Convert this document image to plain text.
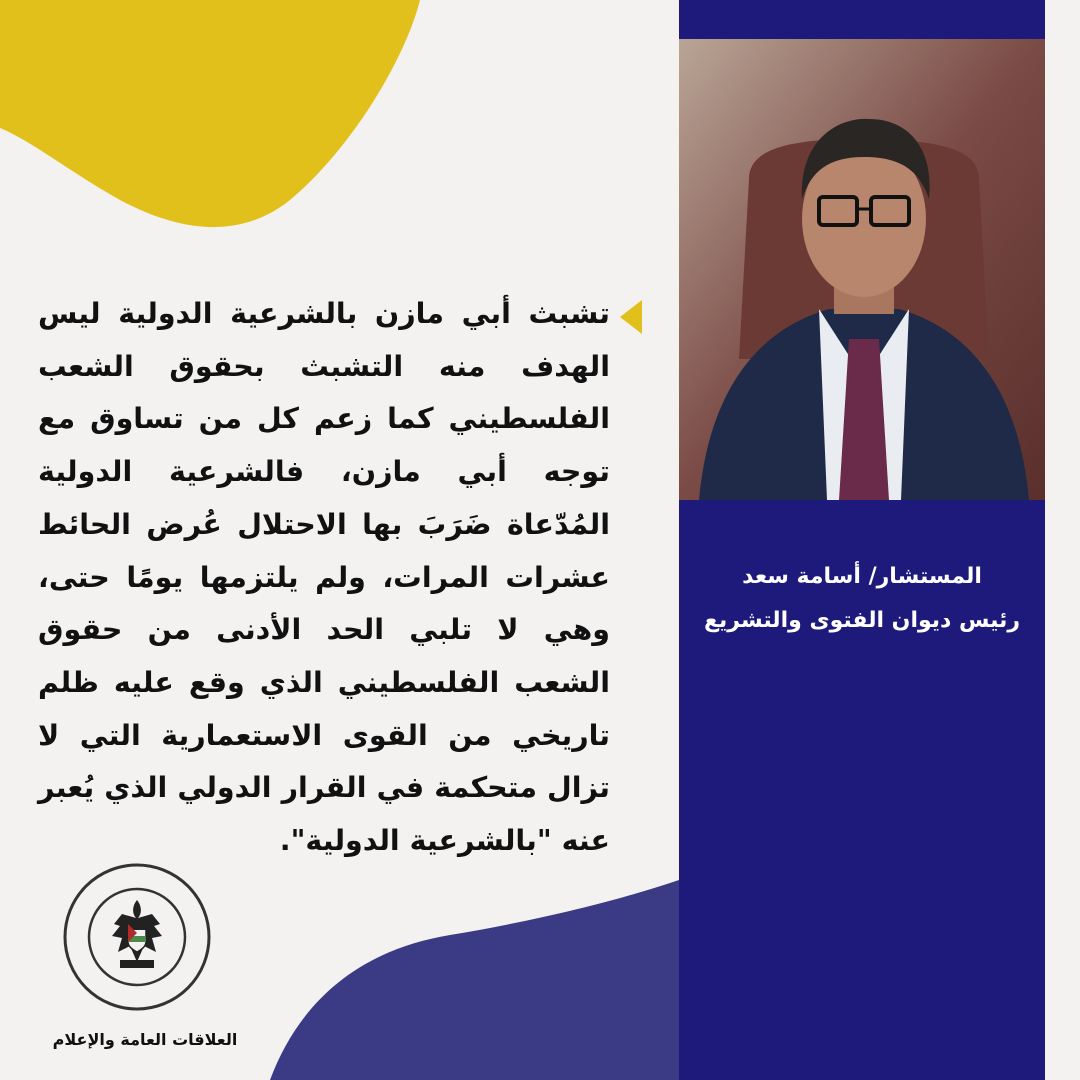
المستشار/ أسامة سعد
رئيس ديوان الفتوى والتشريع
تشبث أبي مازن بالشرعية الدولية ليس الهدف منه التشبث بحقوق الشعب الفلسطيني كما زعم كل من تساوق مع توجه أبي مازن، فالشرعية الدولية المُدّعاة ضَرَبَ بها الاحتلال عُرض الحائط عشرات المرات، ولم يلتزمها يومًا حتى، وهي لا تلبي الحد الأدنى من حقوق الشعب الفلسطيني الذي وقع عليه ظلم تاريخي من القوى الاستعمارية التي لا تزال متحكمة في القرار الدولي الذي يُعبر عنه "بالشرعية الدولية".
العلاقات العامة والإعلام
